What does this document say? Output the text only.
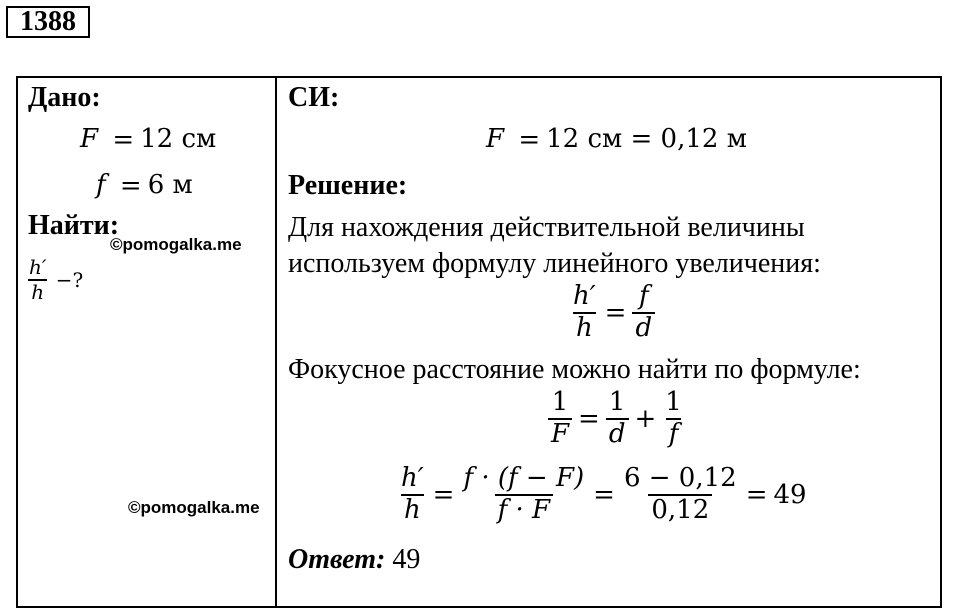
1388
Дано:
F = 12 см
f = 6 м
Найти:
©pomogalka.me
$\frac{h'}{h}$ −?
СИ:
F = 12 см = 0,12 м
Решение:
Для нахождения действительной величины
используем формулу линейного увеличения:
$\frac{h'}{h} = \frac{f}{d}$
Фокусное расстояние можно найти по формуле:
$\frac{1}{F} = \frac{1}{d} + \frac{1}{f}$
$\frac{h'}{h} = \frac{f \cdot (f - F)}{f \cdot F} = \frac{6 - 0,12}{0,12} = 49$
©pomogalka.me
Ответ: 49
